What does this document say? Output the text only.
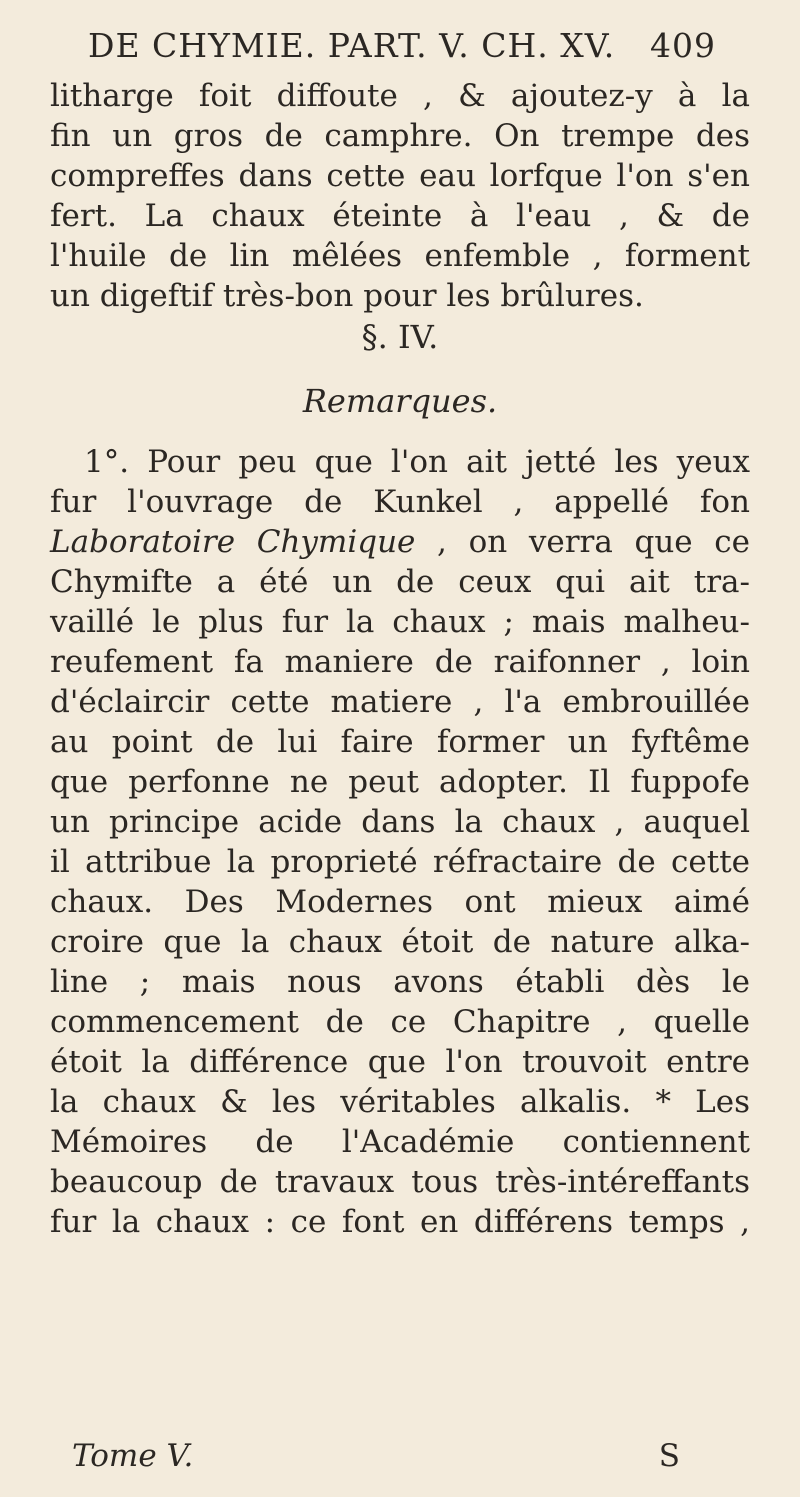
DE CHYMIE. PART. V. CH. XV. 409
litharge foit diffoute , & ajoutez-y à la
fin un gros de camphre. On trempe des
compreffes dans cette eau lorfque l'on s'en
fert. La chaux éteinte à l'eau , & de
l'huile de lin mêlées enfemble , forment
un digeftif très-bon pour les brûlures.
§. IV.
Remarques.
1°. Pour peu que l'on ait jetté les yeux
fur l'ouvrage de Kunkel , appellé fon
Laboratoire Chymique , on verra que ce
Chymifte a été un de ceux qui ait tra-
vaillé le plus fur la chaux ; mais malheu-
reufement fa maniere de raifonner , loin
d'éclaircir cette matiere , l'a embrouillée
au point de lui faire former un fyftême
que perfonne ne peut adopter. Il fuppofe
un principe acide dans la chaux , auquel
il attribue la proprieté réfractaire de cette
chaux. Des Modernes ont mieux aimé
croire que la chaux étoit de nature alka-
line ; mais nous avons établi dès le
commencement de ce Chapitre , quelle
étoit la différence que l'on trouvoit entre
la chaux & les véritables alkalis. * Les
Mémoires de l'Académie contiennent
beaucoup de travaux tous très-intéreffants
fur la chaux : ce font en différens temps ,
Tome V.	S
